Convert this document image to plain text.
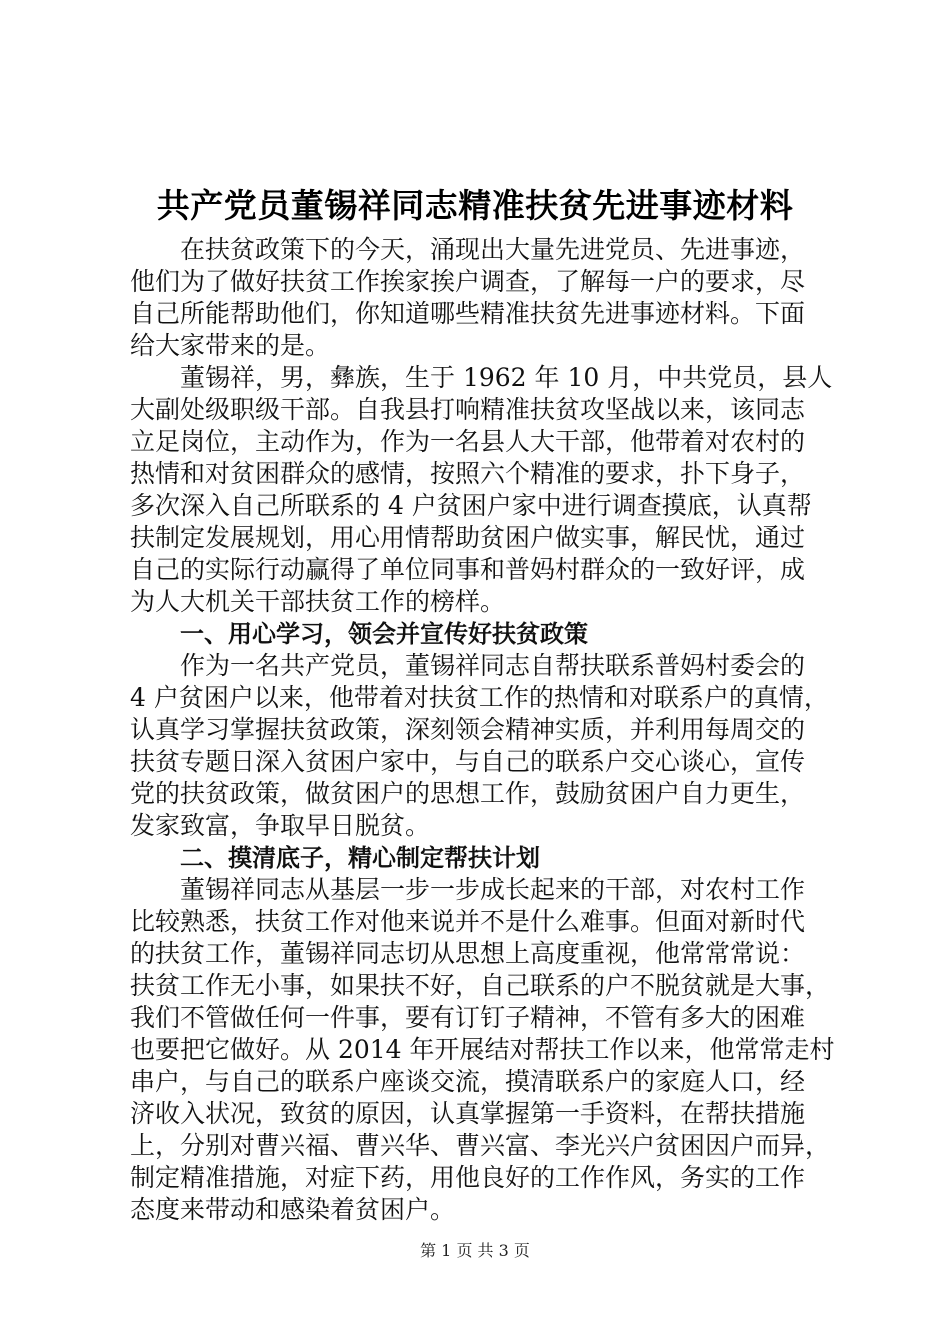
共产党员董锡祥同志精准扶贫先进事迹材料
在扶贫政策下的今天，涌现出大量先进党员、先进事迹，
他们为了做好扶贫工作挨家挨户调查，了解每一户的要求，尽
自己所能帮助他们，你知道哪些精准扶贫先进事迹材料。下面
给大家带来的是。
董锡祥，男，彝族，生于 1962 年 10 月，中共党员，县人
大副处级职级干部。自我县打响精准扶贫攻坚战以来，该同志
立足岗位，主动作为，作为一名县人大干部，他带着对农村的
热情和对贫困群众的感情，按照六个精准的要求，扑下身子，
多次深入自己所联系的 4 户贫困户家中进行调查摸底，认真帮
扶制定发展规划，用心用情帮助贫困户做实事，解民忧，通过
自己的实际行动赢得了单位同事和普妈村群众的一致好评，成
为人大机关干部扶贫工作的榜样。
一、用心学习，领会并宣传好扶贫政策
作为一名共产党员，董锡祥同志自帮扶联系普妈村委会的
4 户贫困户以来，他带着对扶贫工作的热情和对联系户的真情，
认真学习掌握扶贫政策，深刻领会精神实质，并利用每周交的
扶贫专题日深入贫困户家中，与自己的联系户交心谈心，宣传
党的扶贫政策，做贫困户的思想工作，鼓励贫困户自力更生，
发家致富，争取早日脱贫。
二、摸清底子，精心制定帮扶计划
董锡祥同志从基层一步一步成长起来的干部，对农村工作
比较熟悉，扶贫工作对他来说并不是什么难事。但面对新时代
的扶贫工作，董锡祥同志切从思想上高度重视，他常常常说：
扶贫工作无小事，如果扶不好，自己联系的户不脱贫就是大事，
我们不管做任何一件事，要有订钉子精神，不管有多大的困难
也要把它做好。从 2014 年开展结对帮扶工作以来，他常常走村
串户，与自己的联系户座谈交流，摸清联系户的家庭人口，经
济收入状况，致贫的原因，认真掌握第一手资料，在帮扶措施
上，分别对曹兴福、曹兴华、曹兴富、李光兴户贫困因户而异，
制定精准措施，对症下药，用他良好的工作作风，务实的工作
态度来带动和感染着贫困户。
第 1 页 共 3 页
